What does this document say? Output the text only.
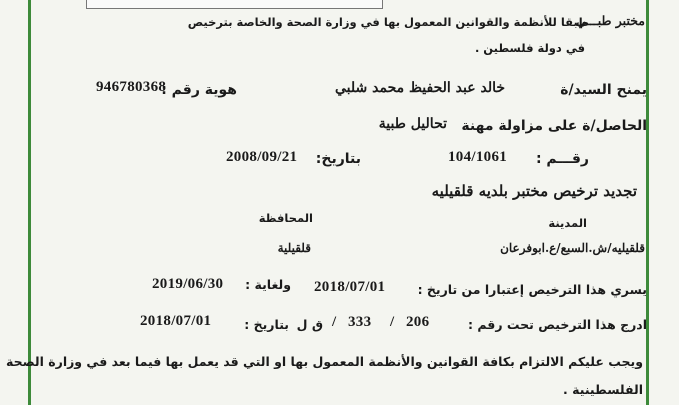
طبقا للأنظمة والقوانين المعمول بها في وزارة الصحة والخاصة بترخيص
مختبر طبـــي
في دولة فلسطين .
يمنح السيد/ة
خالد عبد الحفيظ محمد شلبي
هوية رقم :
946780368
الحاصل/ة على مزاولة مهنة
تحاليل طبية
رقـــم :
104/1061
بتاريخ:
2008/09/21
تجديد ترخيص مختبر بلديه قلقيليه
المدينة
المحافظة
قلقيليه/ش.السبع/ع.ابوفرعان
قلقيلية
يسري هذا الترخيص إعتبارا من تاريخ :
2018/07/01
ولغاية :
2019/06/30
ادرج هذا الترخيص تحت رقم :
206
/
333
/
ق ل
بتاريخ :
2018/07/01
ويجب عليكم الالتزام بكافة القوانين والأنظمة المعمول بها او التي قد يعمل بها فيما بعد في وزارة الصحة
الفلسطينية .
